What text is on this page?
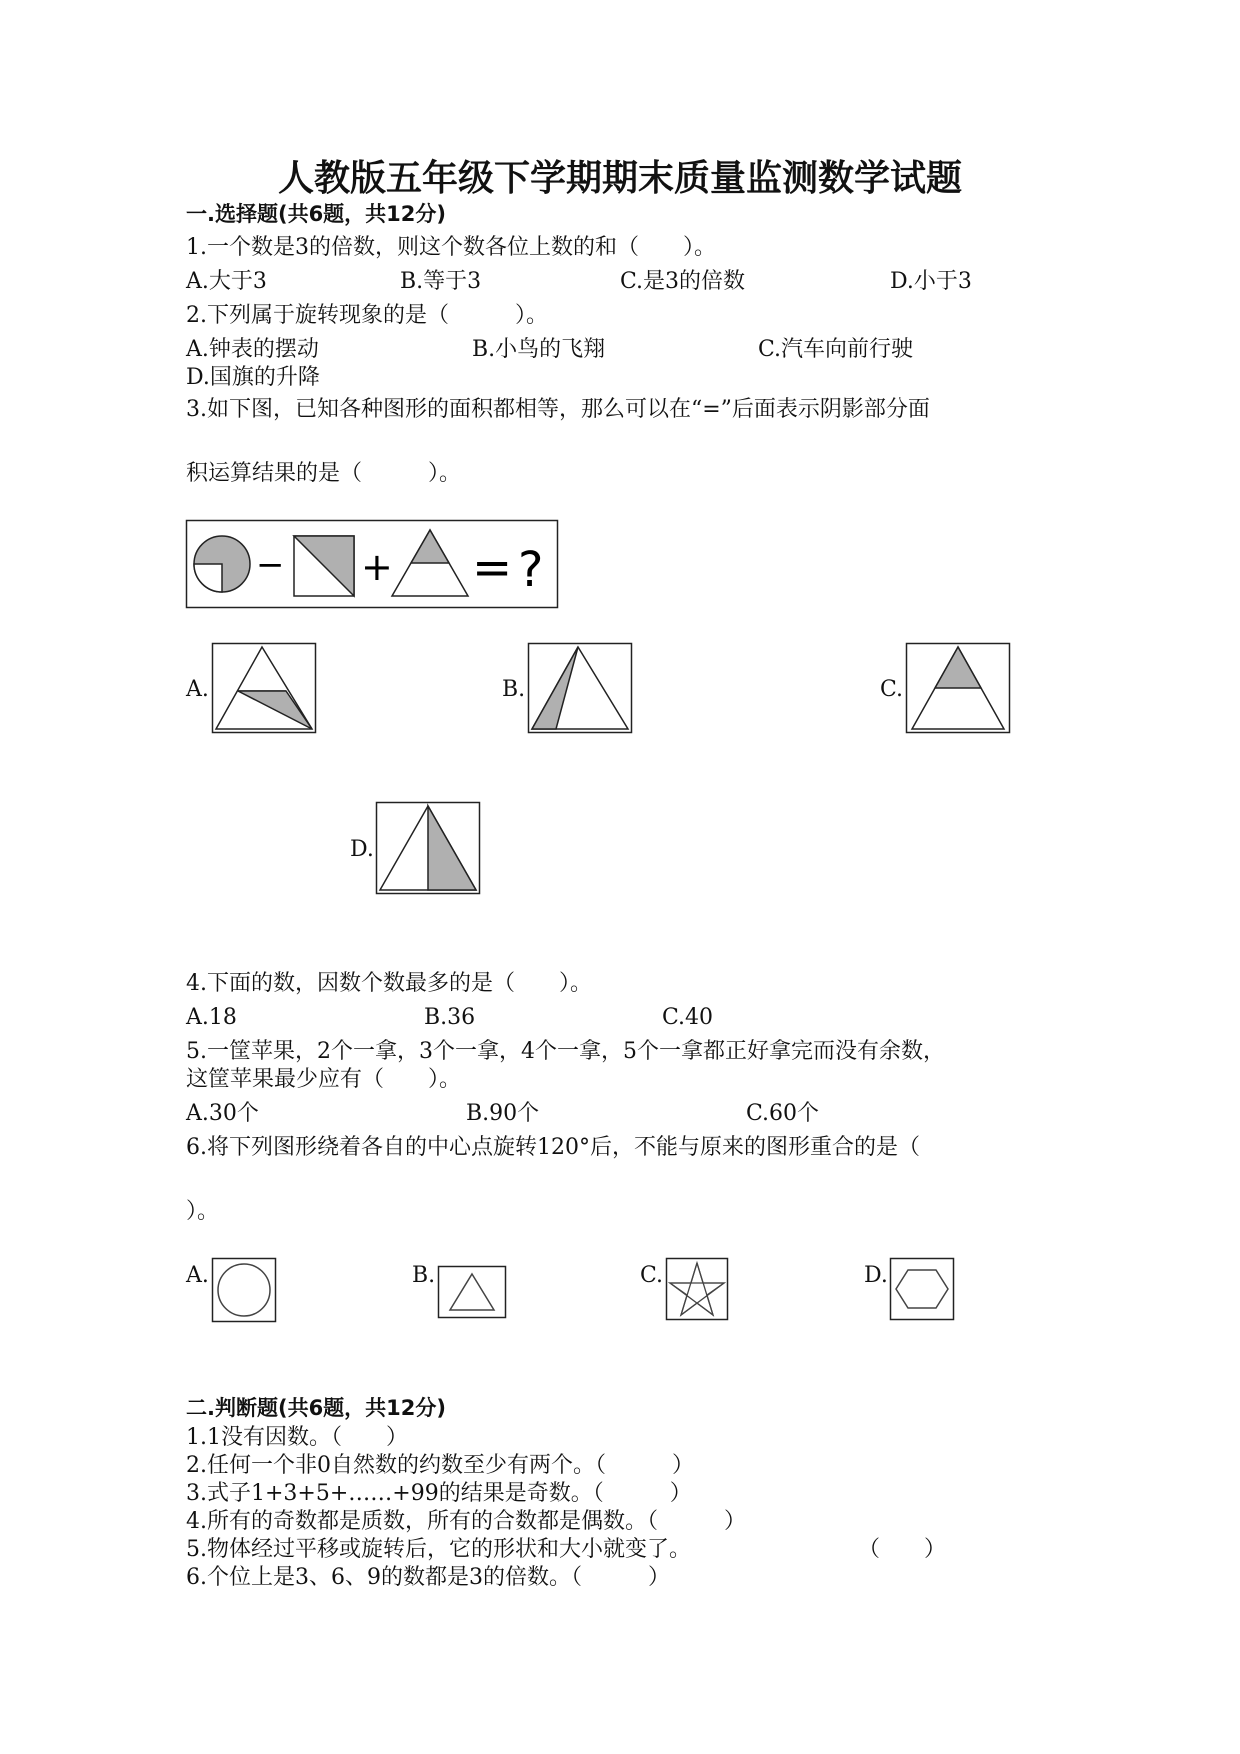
人教版五年级下学期期末质量监测数学试题
一.选择题(共6题，共12分)
1.一个数是3的倍数，则这个数各位上数的和（　　）。
A.大于3	B.等于3	C.是3的倍数	D.小于3
2.下列属于旋转现象的是（　　　）。
A.钟表的摆动	B.小鸟的飞翔	C.汽车向前行驶
D.国旗的升降
3.如下图，已知各种图形的面积都相等，那么可以在“=”后面表示阴影部分面
积运算结果的是（　　　）。
− + = ?
A.	B.	C.
D.
4.下面的数，因数个数最多的是（　　）。
A.18	B.36	C.40
5.一筐苹果，2个一拿，3个一拿，4个一拿，5个一拿都正好拿完而没有余数，
这筐苹果最少应有（　　）。
A.30个	B.90个	C.60个
6.将下列图形绕着各自的中心点旋转120°后，不能与原来的图形重合的是（
）。
A.	B.	C.	D.
二.判断题(共6题，共12分)
1.1没有因数。（　　）
2.任何一个非0自然数的约数至少有两个。（　　　）
3.式子1+3+5+……+99的结果是奇数。（　　　）
4.所有的奇数都是质数，所有的合数都是偶数。（　　　）
5.物体经过平移或旋转后，它的形状和大小就变了。	（　　）
6.个位上是3、6、9的数都是3的倍数。（　　　）
